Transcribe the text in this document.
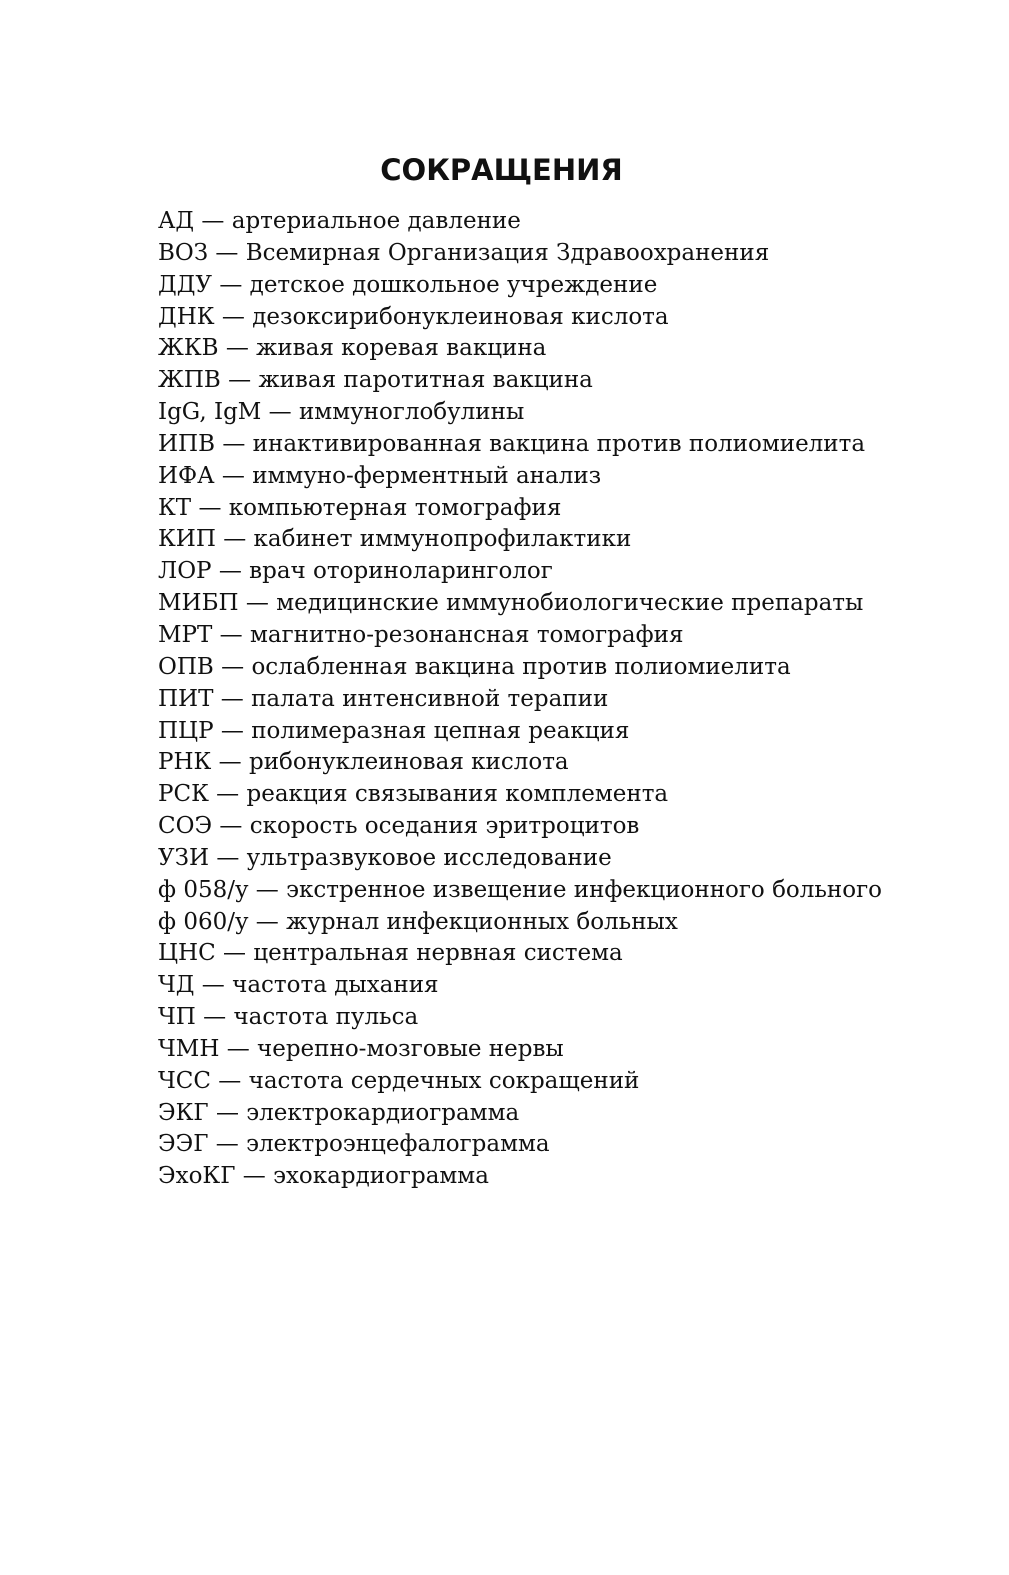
СОКРАЩЕНИЯ
АД — артериальное давление
ВОЗ — Всемирная Организация Здравоохранения
ДДУ — детское дошкольное учреждение
ДНК — дезоксирибонуклеиновая кислота
ЖКВ — живая коревая вакцина
ЖПВ — живая паротитная вакцина
IgG, IgM — иммуноглобулины
ИПВ — инактивированная вакцина против полиомиелита
ИФА — иммуно-ферментный анализ
КТ — компьютерная томография
КИП — кабинет иммунопрофилактики
ЛОР — врач оториноларинголог
МИБП — медицинские иммунобиологические препараты
МРТ — магнитно-резонансная томография
ОПВ — ослабленная вакцина против полиомиелита
ПИТ — палата интенсивной терапии
ПЦР — полимеразная цепная реакция
РНК — рибонуклеиновая кислота
РСК — реакция связывания комплемента
СОЭ — скорость оседания эритроцитов
УЗИ — ультразвуковое исследование
ф 058/у — экстренное извещение инфекционного больного
ф 060/у — журнал инфекционных больных
ЦНС — центральная нервная система
ЧД — частота дыхания
ЧП — частота пульса
ЧМН — черепно-мозговые нервы
ЧСС — частота сердечных сокращений
ЭКГ — электрокардиограмма
ЭЭГ — электроэнцефалограмма
ЭхоКГ — эхокардиограмма
